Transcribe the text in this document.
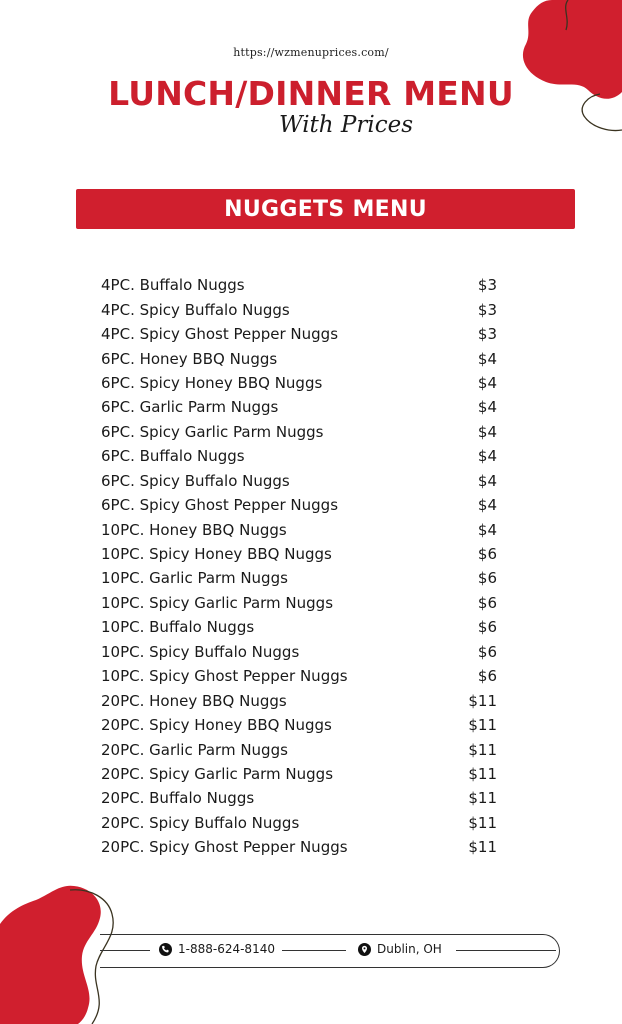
https://wzmenuprices.com/
LUNCH/DINNER MENU
With Prices
NUGGETS MENU
4PC. Buffalo Nuggs	$3
4PC. Spicy Buffalo Nuggs	$3
4PC. Spicy Ghost Pepper Nuggs	$3
6PC. Honey BBQ Nuggs	$4
6PC. Spicy Honey BBQ Nuggs	$4
6PC. Garlic Parm Nuggs	$4
6PC. Spicy Garlic Parm Nuggs	$4
6PC. Buffalo Nuggs	$4
6PC. Spicy Buffalo Nuggs	$4
6PC. Spicy Ghost Pepper Nuggs	$4
10PC. Honey BBQ Nuggs	$4
10PC. Spicy Honey BBQ Nuggs	$6
10PC. Garlic Parm Nuggs	$6
10PC. Spicy Garlic Parm Nuggs	$6
10PC. Buffalo Nuggs	$6
10PC. Spicy Buffalo Nuggs	$6
10PC. Spicy Ghost Pepper Nuggs	$6
20PC. Honey BBQ Nuggs	$11
20PC. Spicy Honey BBQ Nuggs	$11
20PC. Garlic Parm Nuggs	$11
20PC. Spicy Garlic Parm Nuggs	$11
20PC. Buffalo Nuggs	$11
20PC. Spicy Buffalo Nuggs	$11
20PC. Spicy Ghost Pepper Nuggs	$11
1-888-624-8140	Dublin, OH
